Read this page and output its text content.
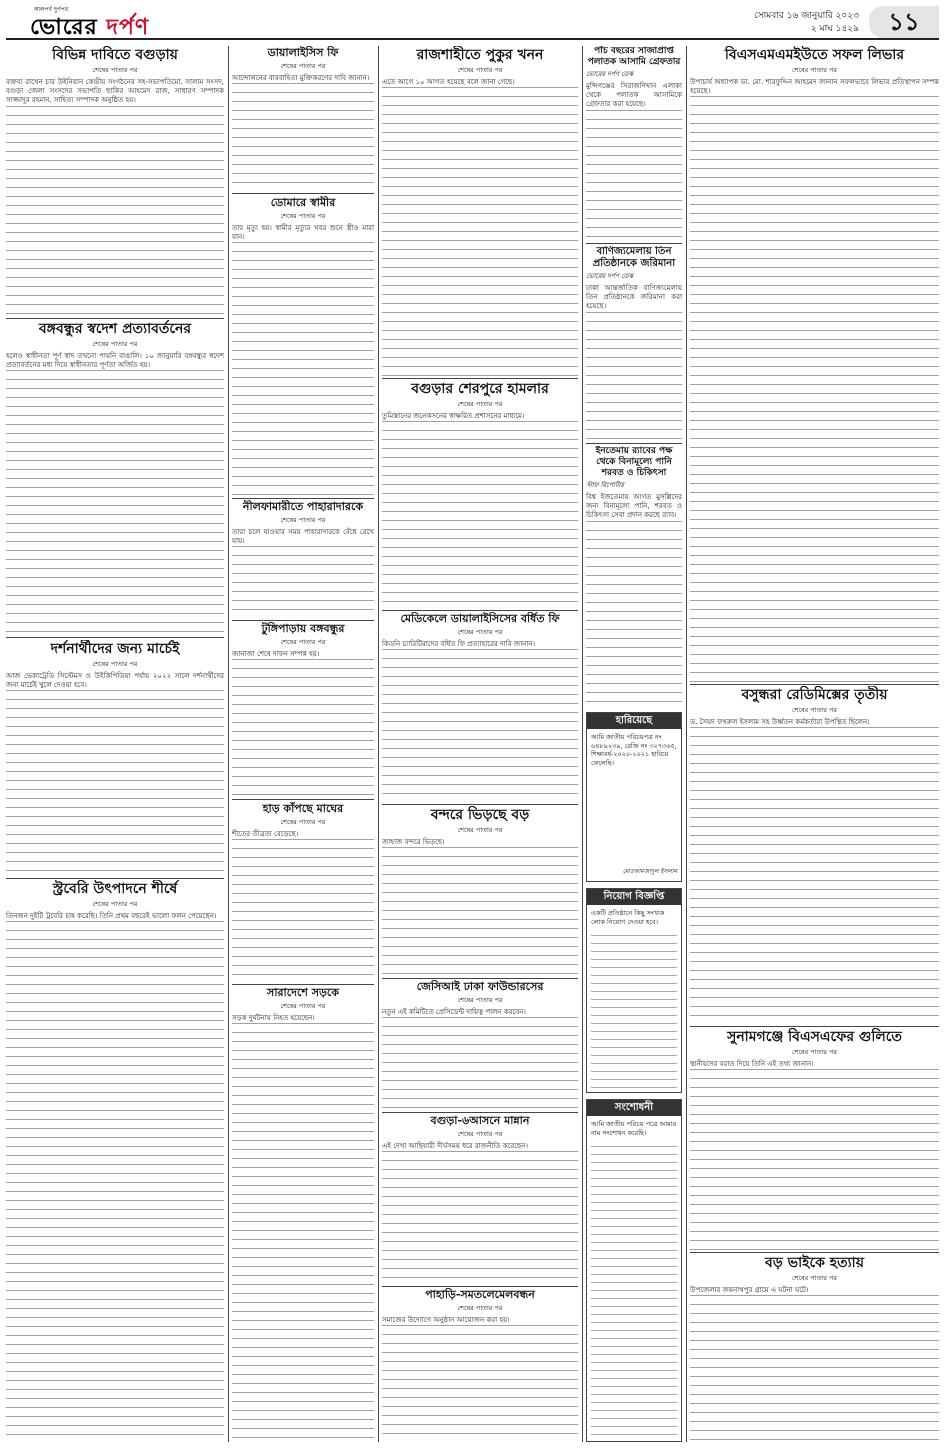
কালপর্ব দুর্গপর
ভোরের দর্পণ	সোমবার ১৬ জানুয়ারি ২০২৩
২ মাঘ ১৪২৯	১১
বিভিন্ন দাবিতে বগুড়ায়
শেষের পাতার পর
বক্তব্য রাখেন চার উইনিয়ান কেন্দ্রীয় সংগঠনের সহ-সভাপতিমো. সালাম সংসদ, বগুড়া জেলা সংসদের সভাপতি ছাকির আহমেদ রাজ, সাধারণ সম্পাদক সাজ্জাদুর রহমান, সাহিত্য সম্পাদক অনুষ্ঠিত হয়।
বঙ্গবন্ধুর স্বদেশ প্রত্যাবর্তনের
শেষের পাতার পর
হলেও স্বাধীনতা পূর্ণ স্বাদ তখনো পায়নি বাঙালি। ১০ জানুয়ারি বঙ্গবন্ধুর স্বদেশ প্রত্যাবর্তনের মধ্য দিয়ে স্বাধীনতার পূর্ণতা অর্জিত হয়।
দর্শনার্থীদের জন্য মার্চেই
শেষের পাতার পর
আজ ভেকাট্রেডি সিস্টেমস ও উইকিপিডিয়া পর্যায় ২০২২ সালে দর্শনার্থীদের জন্য মার্চেই খুলে দেওয়া হবে।
স্ট্রবেরি উৎপাদনে শীর্ষে
শেষের পাতার পর
তিনজন দুইটি ট্রবেরি চাষ করেছি। তিনি প্রথম বছরেই ভালো ফলন পেয়েছেন।
ডায়ালাইসিস ফি
শেষের পাতার পর
আন্দোলনের বারবাহিতা মুক্তিকরণের দাবি জানান।
ডোমারে স্বামীর
শেষের পাতার পর
তার মৃত্যু হয়। স্বামীর মৃত্যুর খবর শুনে স্ত্রীও মারা যান।
নীলফামারীতে পাহারাদারকে
শেষের পাতার পর
তারা চলে যাওয়ার সময় পাহারাদারকে বেঁধে রেখে যায়।
টুঙ্গিপাড়ায় বঙ্গবন্ধুর
শেষের পাতার পর
জানাজা শেষে দাফন সম্পন্ন হয়।
হাড় কাঁপছে মাঘের
শেষের পাতার পর
শীতের তীব্রতা বেড়েছে।
সারাদেশে সড়কে
শেষের পাতার পর
সড়ক দুর্ঘটনায় নিহত হয়েছেন।
রাজশাহীতে পুকুর খনন
শেষের পাতার পর
এতে আগে ১০ আগত হয়েছে বলে জানা গেছে।
বগুড়ার শেরপুরে হামলার
শেষের পাতার পর
তুমিস্তানের জনেকসনের স্বাক্ষরিত প্রশাসনের মাধ্যমে।
মেডিকেলে ডায়ালাইসিসের বর্ধিত ফি
শেষের পাতার পর
কিডনি চ্যারিটিরাদের বর্ধিত ফি প্রত্যাহারের দাবি জানান।
বন্দরে ভিড়ছে বড়
শেষের পাতার পর
জাহাজ বন্দরে ভিড়ছে।
জেসিআই ঢাকা ফাউন্ডারসের
শেষের পাতার পর
নতুন এই কমিটিতে প্রেসিডেন্ট দায়িত্ব পালন করবেন।
বগুড়া-৬আসনে মান্নান
শেষের পাতার পর
এই দেখা আছিয়ারী দীর্ঘসময় ধরে রাজনীতি করেছেন।
পাহাড়ি-সমতলেমেলবন্ধন
শেষের পাতার পর
সমাজের উদ্যোগে অনুষ্ঠান আয়োজন করা হয়।
পাঁচ বছরের সাজাপ্রাপ্ত পলাতক আসামি গ্রেফতার
ভোরের দর্পণ ডেস্ক
মুন্সিগঞ্জের সিরাজদিখান এলাকা থেকে পলাতক আসামিকে গ্রেফতার করা হয়েছে।
বাণিজ্যমেলায় তিন প্রতিষ্ঠানকে জরিমানা
ভোরের দর্পণ ডেস্ক
ঢাকা আন্তর্জাতিক বাণিজ্যমেলায় তিন প্রতিষ্ঠানকে জরিমানা করা হয়েছে।
ইনতেমায় র‌্যাবের পক্ষ থেকে বিনামূল্যে পানি শরবত ও চিকিৎসা
স্টাফ রিপোর্টার
বিশ্ব ইজতেমায় আগত মুসল্লিদের জন্য বিনামূল্যে পানি, শরবত ও চিকিৎসা সেবা প্রদান করছে র‌্যাব।
হারিয়েছে
আমি জাতীয় পরিচয়পত্র নং ৬৪৮৯২৩৯, রেজি নং ৩২৭৩৬৫, শিক্ষাবর্ষ-২০২০-২০২১ হারিয়ে ফেলেছি।
মোঃআমজাদুল ইসলাম
নিয়োগ বিজ্ঞপ্তি
একটি প্রতিষ্ঠানে কিছু সংখ্যক লোক নিয়োগ দেওয়া হবে।
সংশোধনী
আমি জাতীয় পরিচয় পত্রে আমার নাম সংশোধন করেছি।
বিএসএমএমইউতে সফল লিভার
শেষের পাতার পর
উপাচার্য অধ্যাপক ডা. মো. শারফুদ্দিন আহমেদ জানান সফলভাবে লিভার প্রতিস্থাপন সম্পন্ন হয়েছে।
বসুন্ধরা রেডিমিক্সের তৃতীয়
শেষের পাতার পর
ড. সৈয়দ ফখরুল ইসলাম সহ উর্ধ্বতন কর্মকর্তারা উপস্থিত ছিলেন।
সুনামগঞ্জে বিএসএফের গুলিতে
শেষের পাতার পর
স্থানীয়দের বরাত দিয়ে তিনি এই তথ্য জানান।
বড় ভাইকে হত্যায়
শেষের পাতার পর
উপজেলার জয়নাথপুর গ্রামে এ ঘটনা ঘটে।
